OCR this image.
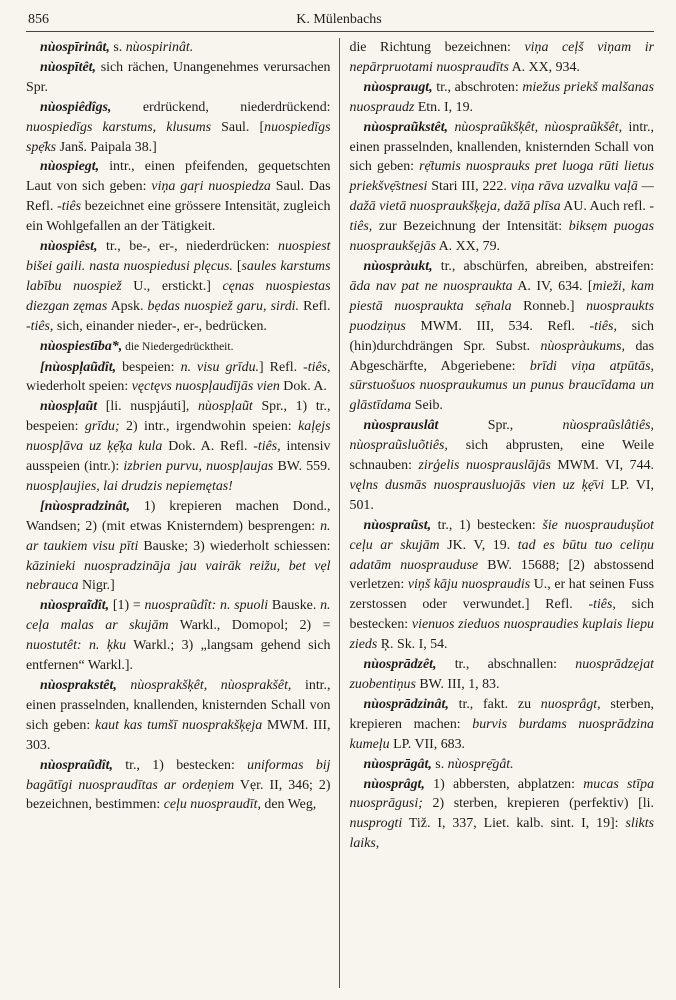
856	K. Mülenbachs

nùospīrinât, s. nùospirinât.

nùospītêt, sich rächen, Unangenehmes verursachen Spr.

nùospiêdîgs, erdrückend, niederdrückend: nuospiedīgs karstums, klusums Saul. [nuospiedīgs spẹ̄ks Janš. Paipala 38.]

nùospiegt, intr., einen pfeifenden, gequetschten Laut von sich geben: viņa gaŗi nuospiedza Saul. Das Refl. -tiês bezeichnet eine grössere Intensität, zugleich ein Wohlgefallen an der Tätigkeit.

nùospiêst, tr., be-, er-, niederdrücken: nuospiest bišei gaili. nasta nuospiedusi plęcus. [saules karstums labību nuospiež U., erstickt.] cęnas nuospiestas diezgan zęmas Apsk. bẹdas nuospiež garu, sirdi. Refl. -tiês, sich, einander nieder-, er-, bedrücken.

nùospiestība*, die Niedergedrücktheit.

[nùospļaũdît, bespeien: n. visu grīdu.] Refl. -tiês, wiederholt speien: vęctęvs nuospļaudījās vien Dok. A.

nùospļaũt [li. nuspjáuti], nùospļaũt Spr., 1) tr., bespeien: grīdu; 2) intr., irgendwohin speien: kaļẹjs nuospļāva uz ķẹ̄ķa kula Dok. A. Refl. -tiês, intensiv ausspeien (intr.): izbrien purvu, nuospļaujas BW. 559. nuospļaujies, lai drudzis nepiemętas!

[nùospradzinât, 1) krepieren machen Dond., Wandsen; 2) (mit etwas Knisterndem) besprengen: n. ar taukiem visu pīti Bauske; 3) wiederholt schiessen: kāzinieki nuospradzināja jau vairāk reižu, bet vẹl nebrauca Nigr.]

nùospraĩdît, [1) = nuospraũdît: n. spuoli Bauske. n. ceļa malas ar skujām Warkl., Domopol; 2) = nuostutêt: n. ķku Warkl.; 3) „langsam gehend sich entfernen“ Warkl.].

nùosprakstêt, nùosprakšķêt, nùosprakšêt, intr., einen prasselnden, knallenden, knisternden Schall von sich geben: kaut kas tumšī nuosprakšķẹja MWM. III, 303.

nùospraũdît, tr., 1) bestecken: uniformas bij bagātīgi nuospraudītas ar ordeņiem Vẹr. II, 346; 2) bezeichnen, bestimmen: ceļu nuospraudīt, den Weg,

die Richtung bezeichnen: viņa ceļš viņam ir nepārpruotami nuospraudīts A. XX, 934.

nùospraugt, tr., abschroten: miežus priekš malšanas nuospraudz Etn. I, 19.

nùospraũkstêt, nùospraũkšķêt, nùospraũkšêt, intr., einen prasselnden, knallenden, knisternden Schall von sich geben: rẹ̄tumis nuosprauks pret luoga rūti lietus priekšvẹ̄stnesi Stari III, 222. viņa rāva uzvalku vaļā — dažā vietā nuospraukšķẹja, dažā plīsa AU. Auch refl. -tiês, zur Bezeichnung der Intensität: biksẹm puogas nuospraukšẹjās A. XX, 79.

nùospràukt, tr., abschürfen, abreiben, abstreifen: āda nav pat ne nuospraukta A. IV, 634. [mieži, kam piestā nuospraukta sẹ̄nala Ronneb.] nuospraukts puodziņus MWM. III, 534. Refl. -tiês, sich (hin)durchdrängen Spr. Subst. nùospràukums, das Abgeschärfte, Abgeriebene: brīdi viņa atpūtās, sūrstuošuos nuospraukumus un punus braucīdama un glāstīdama Seib.

nùosprauslât Spr., nùospraũslâtiês, nùospraũsluõtiês, sich abprusten, eine Weile schnauben: zirģelis nuosprauslājās MWM. VI, 744. vęlns dusmās nuosprausluojās vien uz ķẹ̄vi LP. VI, 501.

nùospraũst, tr., 1) bestecken: šie nuosprauduș̌uot ceļu ar skujām JK. V, 19. tad es būtu tuo celiņu adatām nuosprauduse BW. 15688; [2) abstossend verletzen: viņš kāju nuospraudis U., er hat seinen Fuss zerstossen oder verwundet.] Refl. -tiês, sich bestecken: vienuos zieduos nuospraudies kuplais liepu zieds Ŗ. Sk. I, 54.

nùosprādzêt, tr., abschnallen: nuosprādzẹjat zuobentiņus BW. III, 1, 83.

nùosprādzinât, tr., fakt. zu nuosprâgt, sterben, krepieren machen: burvis burdams nuosprādzina kumeļu LP. VII, 683.

nùosprāgât, s. nùosprẹ̄gât.

nùosprâgt, 1) abbersten, abplatzen: mucas stīpa nuosprāgusi; 2) sterben, krepieren (perfektiv) [li. nusprogti Tiž. I, 337, Liet. kalb. sint. I, 19]: slikts laiks,
